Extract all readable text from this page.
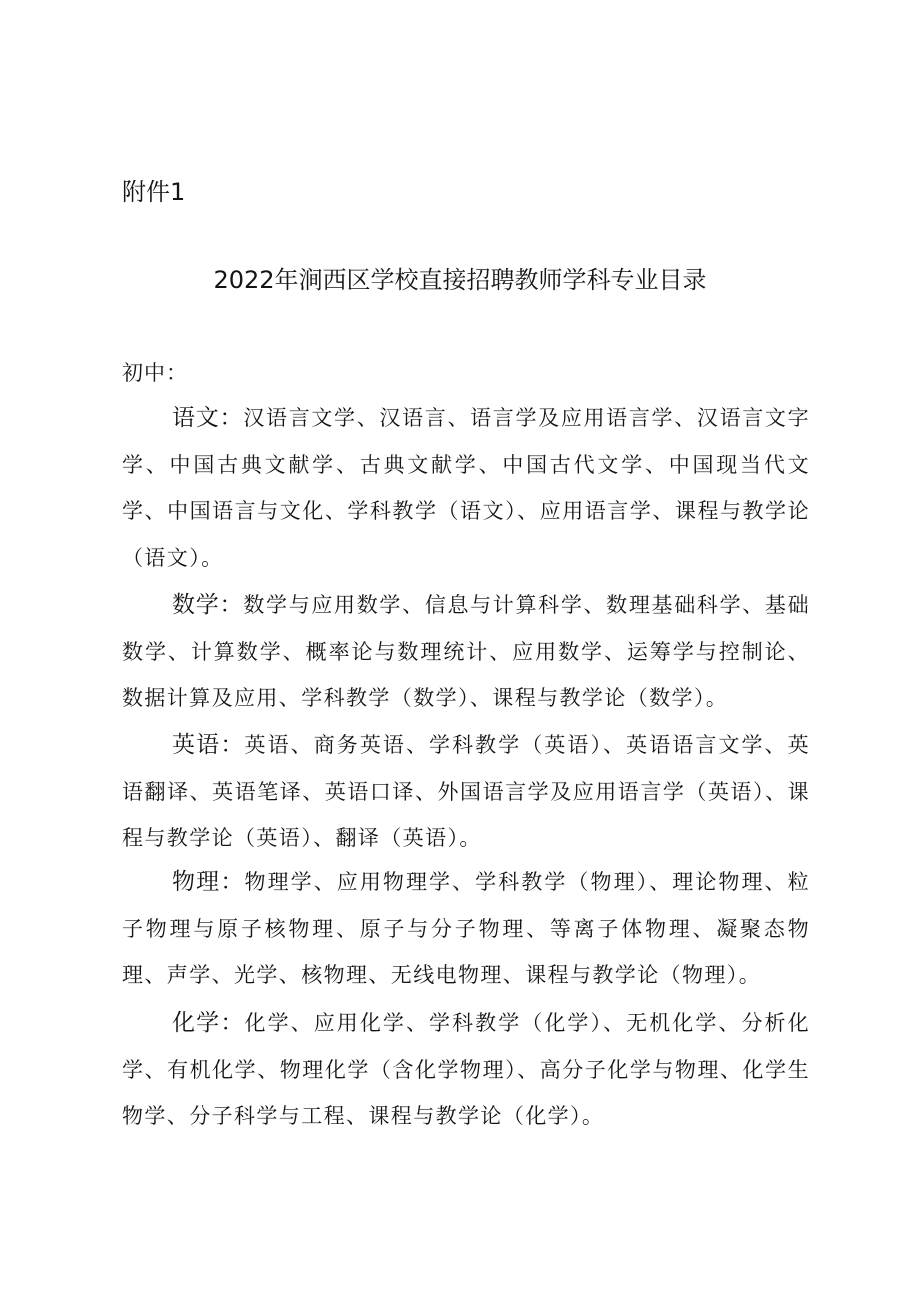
附件1
2022年涧西区学校直接招聘教师学科专业目录
初中：

语文：汉语言文学、汉语言、语言学及应用语言学、汉语言文字学、中国古典文献学、古典文献学、中国古代文学、中国现当代文学、中国语言与文化、学科教学（语文）、应用语言学、课程与教学论（语文）。

数学：数学与应用数学、信息与计算科学、数理基础科学、基础数学、计算数学、概率论与数理统计、应用数学、运筹学与控制论、数据计算及应用、学科教学（数学）、课程与教学论（数学）。

英语：英语、商务英语、学科教学（英语）、英语语言文学、英语翻译、英语笔译、英语口译、外国语言学及应用语言学（英语）、课程与教学论（英语）、翻译（英语）。

物理：物理学、应用物理学、学科教学（物理）、理论物理、粒子物理与原子核物理、原子与分子物理、等离子体物理、凝聚态物理、声学、光学、核物理、无线电物理、课程与教学论（物理）。

化学：化学、应用化学、学科教学（化学）、无机化学、分析化学、有机化学、物理化学（含化学物理）、高分子化学与物理、化学生物学、分子科学与工程、课程与教学论（化学）。
